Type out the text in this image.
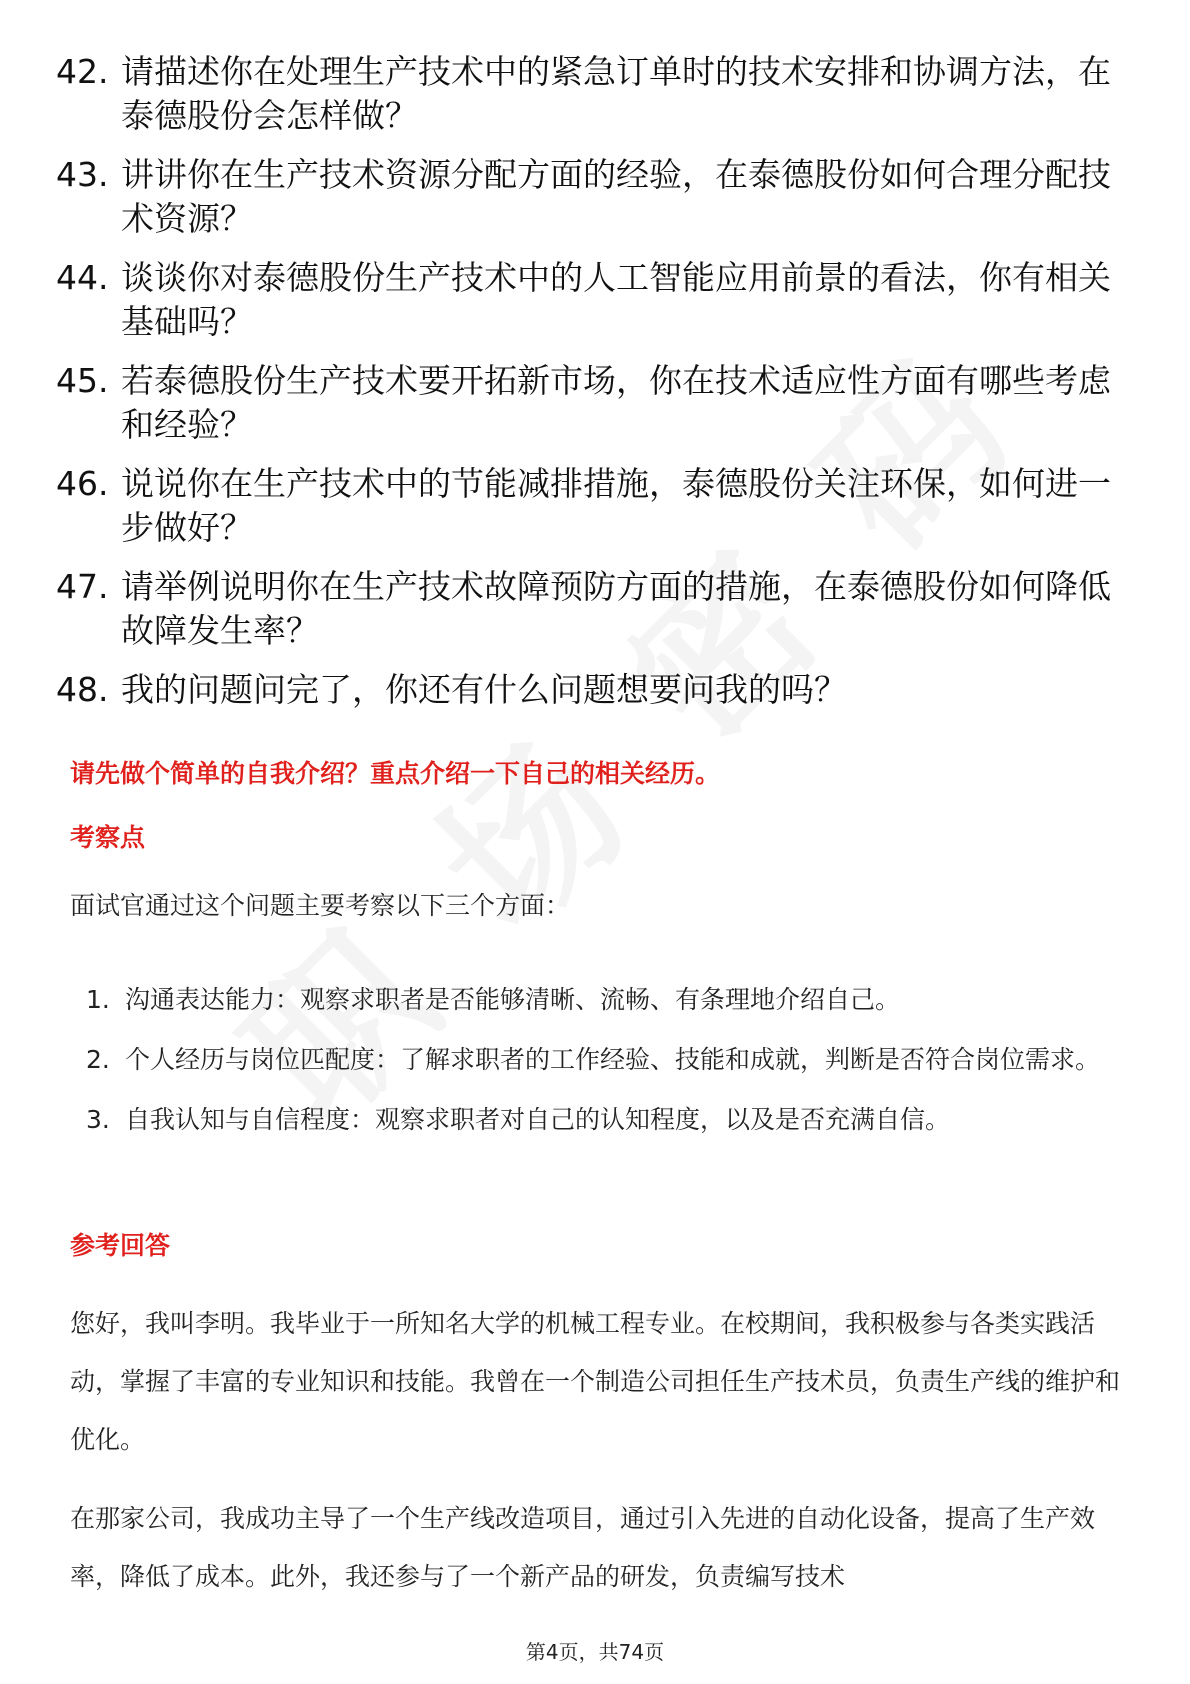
42. 请描述你在处理生产技术中的紧急订单时的技术安排和协调方法，在泰德股份会怎样做？
43. 讲讲你在生产技术资源分配方面的经验，在泰德股份如何合理分配技术资源？
44. 谈谈你对泰德股份生产技术中的人工智能应用前景的看法，你有相关基础吗？
45. 若泰德股份生产技术要开拓新市场，你在技术适应性方面有哪些考虑和经验？
46. 说说你在生产技术中的节能减排措施，泰德股份关注环保，如何进一步做好？
47. 请举例说明你在生产技术故障预防方面的措施，在泰德股份如何降低故障发生率？
48. 我的问题问完了，你还有什么问题想要问我的吗？
请先做个简单的自我介绍？重点介绍一下自己的相关经历。
考察点
面试官通过这个问题主要考察以下三个方面：
1. 沟通表达能力：观察求职者是否能够清晰、流畅、有条理地介绍自己。
2. 个人经历与岗位匹配度：了解求职者的工作经验、技能和成就，判断是否符合岗位需求。
3. 自我认知与自信程度：观察求职者对自己的认知程度，以及是否充满自信。
参考回答

您好，我叫李明。我毕业于一所知名大学的机械工程专业。在校期间，我积极参与各类实践活动，掌握了丰富的专业知识和技能。我曾在一个制造公司担任生产技术员，负责生产线的维护和优化。

在那家公司，我成功主导了一个生产线改造项目，通过引入先进的自动化设备，提高了生产效率，降低了成本。此外，我还参与了一个新产品的研发，负责编写技术

第4页，共74页
